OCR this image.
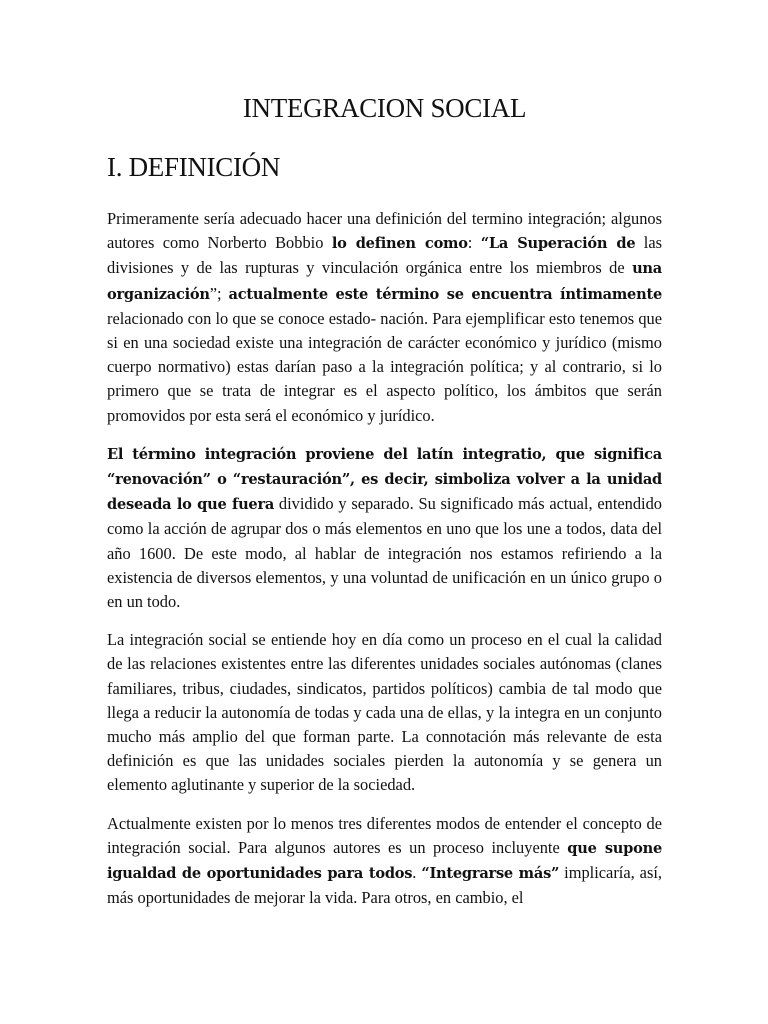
INTEGRACION SOCIAL
I. DEFINICIÓN

Primeramente sería adecuado hacer una definición del termino integración; algunos autores como Norberto Bobbio lo definen como: “La Superación de las divisiones y de las rupturas y vinculación orgánica entre los miembros de una organización”; actualmente este término se encuentra íntimamente relacionado con lo que se conoce estado- nación. Para ejemplificar esto tenemos que si en una sociedad existe una integración de carácter económico y jurídico (mismo cuerpo normativo) estas darían paso a la integración política; y al contrario, si lo primero que se trata de integrar es el aspecto político, los ámbitos que serán promovidos por esta será el económico y jurídico.

El término integración proviene del latín integratio, que significa “renovación” o “restauración”, es decir, simboliza volver a la unidad deseada lo que fuera dividido y separado. Su significado más actual, entendido como la acción de agrupar dos o más elementos en uno que los une a todos, data del año 1600. De este modo, al hablar de integración nos estamos refiriendo a la existencia de diversos elementos, y una voluntad de unificación en un único grupo o en un todo.

La integración social se entiende hoy en día como un proceso en el cual la calidad de las relaciones existentes entre las diferentes unidades sociales autónomas (clanes familiares, tribus, ciudades, sindicatos, partidos políticos) cambia de tal modo que llega a reducir la autonomía de todas y cada una de ellas, y la integra en un conjunto mucho más amplio del que forman parte. La connotación más relevante de esta definición es que las unidades sociales pierden la autonomía y se genera un elemento aglutinante y superior de la sociedad.

Actualmente existen por lo menos tres diferentes modos de entender el concepto de integración social. Para algunos autores es un proceso incluyente que supone igualdad de oportunidades para todos. “Integrarse más” implicaría, así, más oportunidades de mejorar la vida. Para otros, en cambio, el
